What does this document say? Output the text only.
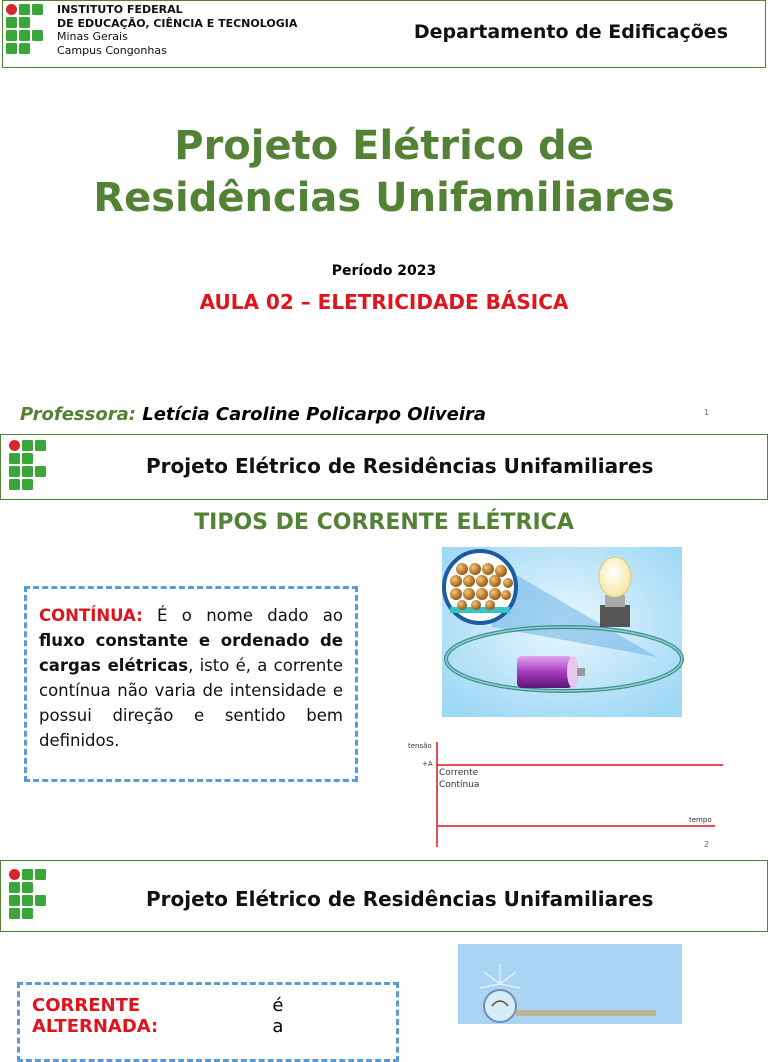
INSTITUTO FEDERAL
DE EDUCAÇÃO, CIÊNCIA E TECNOLOGIA
Minas Gerais
Campus Congonhas
Departamento de Edificações
Projeto Elétrico de
Residências Unifamiliares
Período 2023
AULA 02 – ELETRICIDADE BÁSICA
Professora: Letícia Caroline Policarpo Oliveira	1
Projeto Elétrico de Residências Unifamiliares
TIPOS DE CORRENTE ELÉTRICA

CONTÍNUA: É o nome dado ao fluxo constante e ordenado de cargas elétricas, isto é, a corrente contínua não varia de intensidade e possui direção e sentido bem definidos.	tensão
+A
Corrente
Contínua
tempo
2
Projeto Elétrico de Residências Unifamiliares
CORRENTE ALTERNADA:
é a
